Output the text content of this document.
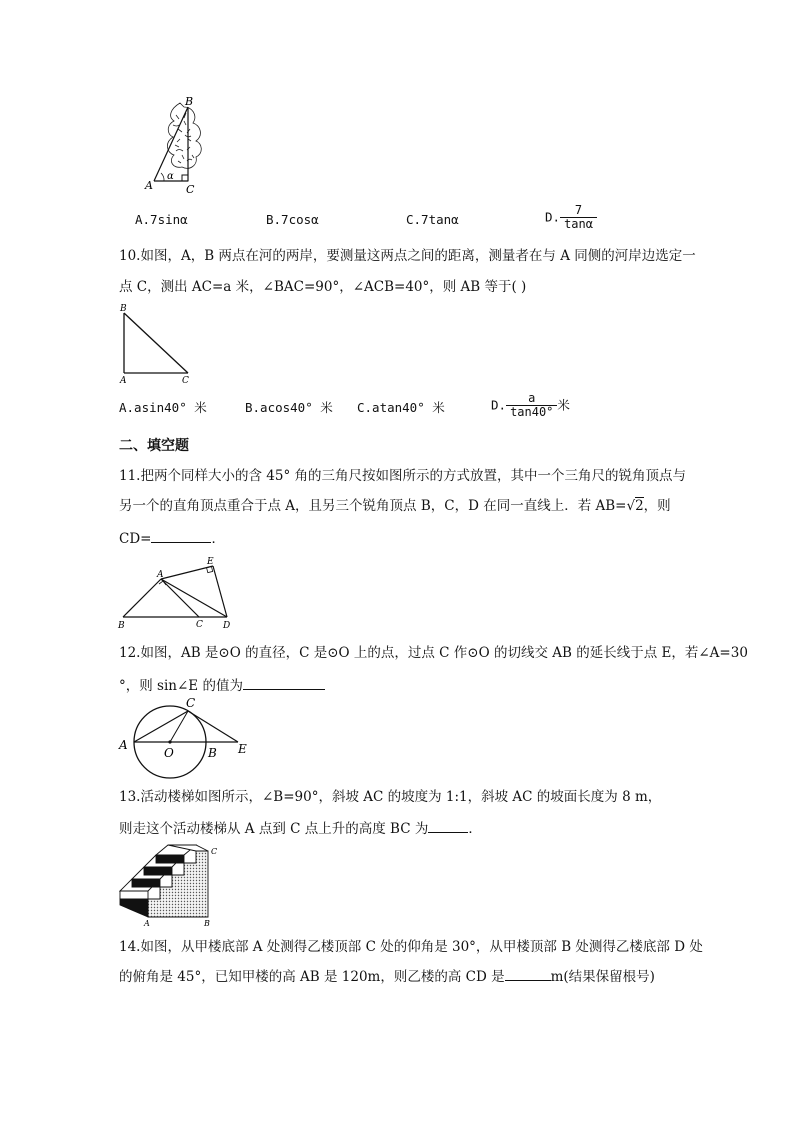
B
A	C
α
A.7sinα	B.7cosα	C.7tanα	D. $\frac{7}{\tan\alpha}$
10.如图，A，B 两点在河的两岸，要测量这两点之间的距离，测量者在与 A 同侧的河岸边选定一
点 C，测出 AC=a 米，∠BAC=90°，∠ACB=40°，则 AB 等于( )
B
A	C
A.asin40° 米	B.acos40° 米 C.atan40° 米	D. $\frac{a}{\tan 40^\circ}$ 米
二、填空题
11.把两个同样大小的含 45° 角的三角尺按如图所示的方式放置，其中一个三角尺的锐角顶点与
另一个的直角顶点重合于点 A，且另三个锐角顶点 B，C，D 在同一直线上．若 AB=√2，则
CD=	．
A
E
B	C D
12.如图，AB 是⊙O 的直径，C 是⊙O 上的点，过点 C 作⊙O 的切线交 AB 的延长线于点 E，若∠A=30
°，则 sin∠E 的值为
A
O	B E
C
13.活动楼梯如图所示，∠B=90°，斜坡 AC 的坡度为 1:1，斜坡 AC 的坡面长度为 8 m，
则走这个活动楼梯从 A 点到 C 点上升的高度 BC 为	．
A	B
C
14.如图，从甲楼底部 A 处测得乙楼顶部 C 处的仰角是 30°，从甲楼顶部 B 处测得乙楼底部 D 处
的俯角是 45°，已知甲楼的高 AB 是 120m，则乙楼的高 CD 是	m(结果保留根号)
